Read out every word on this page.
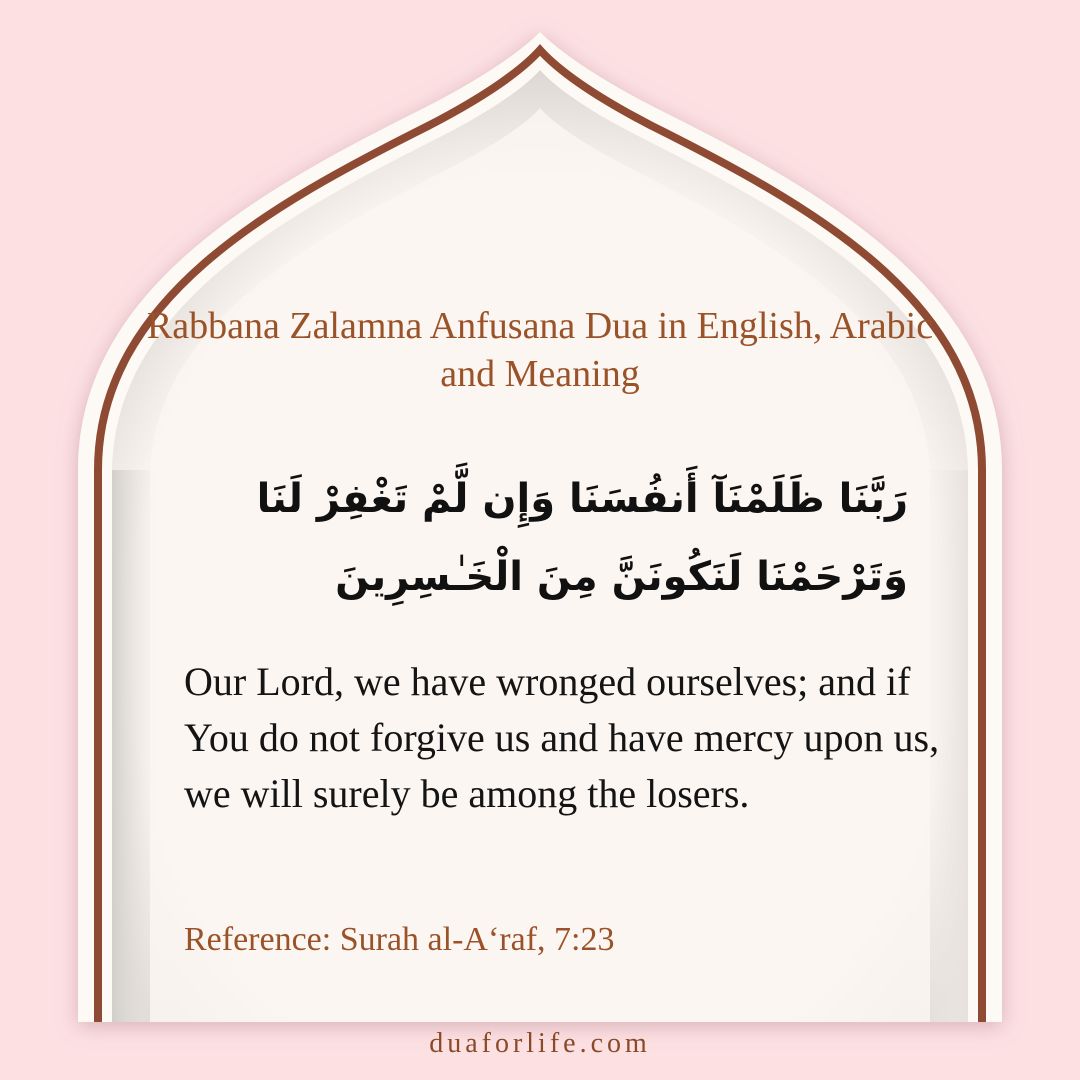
Rabbana Zalamna Anfusana Dua in English, Arabic and Meaning
رَبَّنَا ظَلَمْنَآ أَنفُسَنَا وَإِن لَّمْ تَغْفِرْ لَنَا وَتَرْحَمْنَا لَنَكُونَنَّ مِنَ الْخَـٰسِرِينَ
Our Lord, we have wronged ourselves; and if You do not forgive us and have mercy upon us, we will surely be among the losers.
Reference: Surah al-A‘raf, 7:23
duaforlife.com
